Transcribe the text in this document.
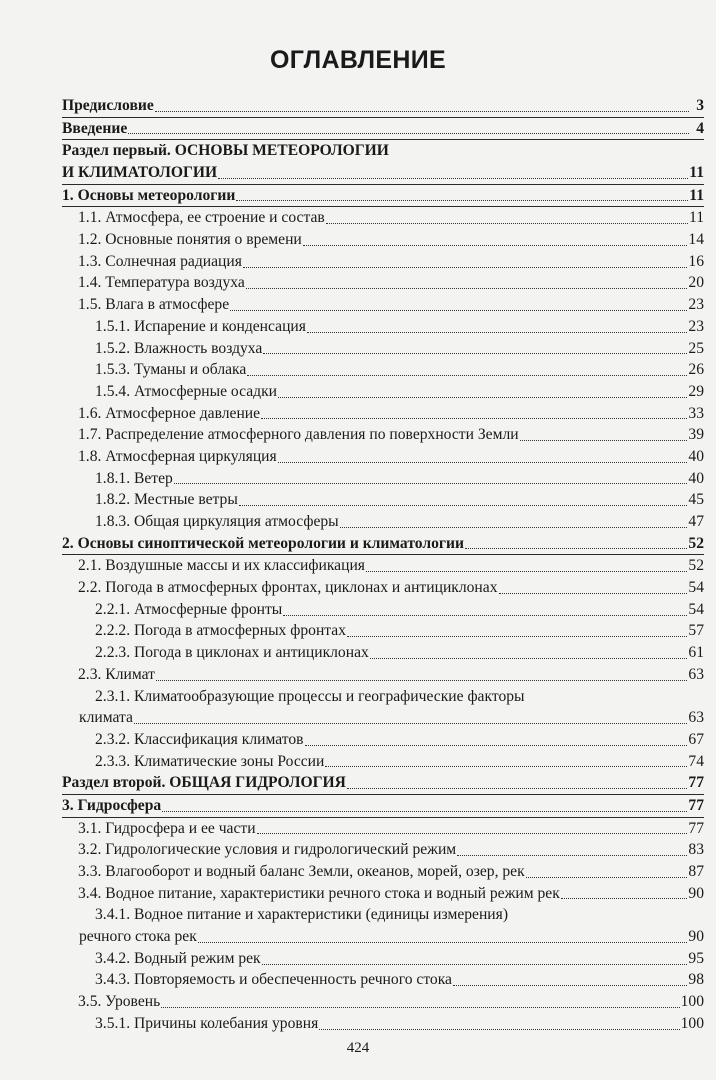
ОГЛАВЛЕНИЕ
Предисловие	3
Введение	4
Раздел первый. ОСНОВЫ МЕТЕОРОЛОГИИ
И КЛИМАТОЛОГИИ	11
1. Основы метеорологии	11
1.1. Атмосфера, ее строение и состав	11
1.2. Основные понятия о времени	14
1.3. Солнечная радиация	16
1.4. Температура воздуха	20
1.5. Влага в атмосфере	23
1.5.1. Испарение и конденсация	23
1.5.2. Влажность воздуха	25
1.5.3. Туманы и облака	26
1.5.4. Атмосферные осадки	29
1.6. Атмосферное давление	33
1.7. Распределение атмосферного давления по поверхности Земли	39
1.8. Атмосферная циркуляция	40
1.8.1. Ветер	40
1.8.2. Местные ветры	45
1.8.3. Общая циркуляция атмосферы	47
2. Основы синоптической метеорологии и климатологии	52
2.1. Воздушные массы и их классификация	52
2.2. Погода в атмосферных фронтах, циклонах и антициклонах	54
2.2.1. Атмосферные фронты	54
2.2.2. Погода в атмосферных фронтах	57
2.2.3. Погода в циклонах и антициклонах	61
2.3. Климат	63
2.3.1. Климатообразующие процессы и географические факторы
климата	63
2.3.2. Классификация климатов	67
2.3.3. Климатические зоны России	74
Раздел второй. ОБЩАЯ ГИДРОЛОГИЯ	77
3. Гидросфера	77
3.1. Гидросфера и ее части	77
3.2. Гидрологические условия и гидрологический режим	83
3.3. Влагооборот и водный баланс Земли, океанов, морей, озер, рек	87
3.4. Водное питание, характеристики речного стока и водный режим рек	90
3.4.1. Водное питание и характеристики (единицы измерения)
речного стока рек	90
3.4.2. Водный режим рек	95
3.4.3. Повторяемость и обеспеченность речного стока	98
3.5. Уровень	100
3.5.1. Причины колебания уровня	100
424
